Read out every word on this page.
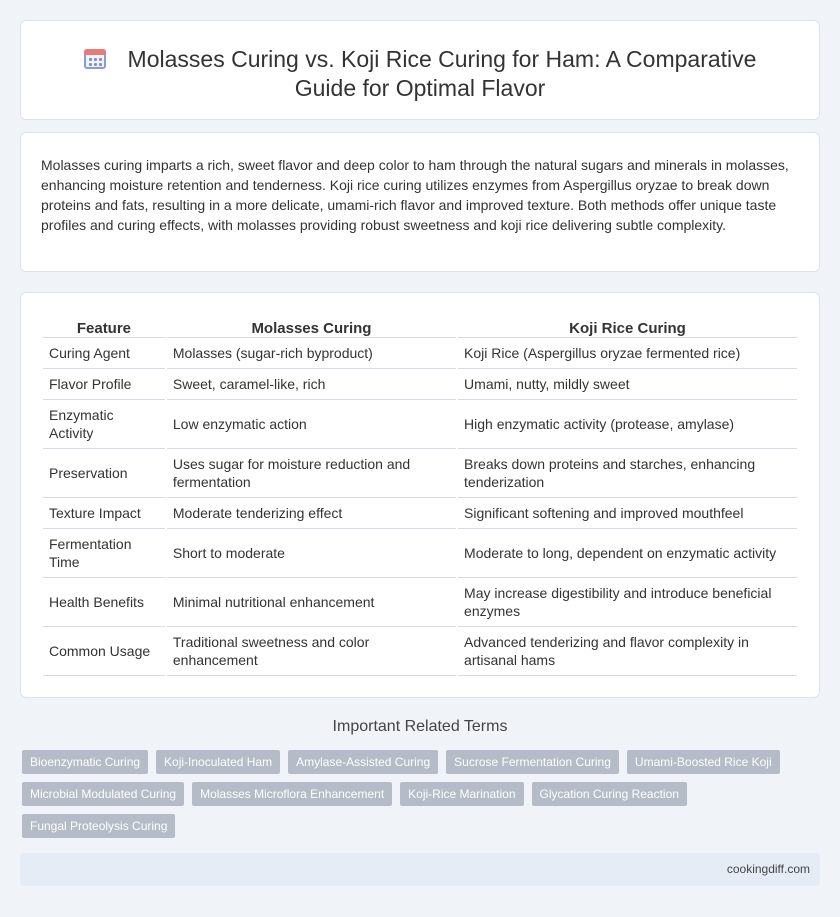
Molasses Curing vs. Koji Rice Curing for Ham: A Comparative
Guide for Optimal Flavor

Molasses curing imparts a rich, sweet flavor and deep color to ham through the natural sugars and minerals in molasses, enhancing moisture retention and tenderness. Koji rice curing utilizes enzymes from Aspergillus oryzae to break down proteins and fats, resulting in a more delicate, umami-rich flavor and improved texture. Both methods offer unique taste profiles and curing effects, with molasses providing robust sweetness and koji rice delivering subtle complexity.

Feature	Molasses Curing	Koji Rice Curing
Curing Agent	Molasses (sugar-rich byproduct)	Koji Rice (Aspergillus oryzae fermented rice)
Flavor Profile	Sweet, caramel-like, rich	Umami, nutty, mildly sweet
Enzymatic Activity	Low enzymatic action	High enzymatic activity (protease, amylase)
Preservation	Uses sugar for moisture reduction and fermentation	Breaks down proteins and starches, enhancing tenderization
Texture Impact	Moderate tenderizing effect	Significant softening and improved mouthfeel
Fermentation Time	Short to moderate	Moderate to long, dependent on enzymatic activity
Health Benefits	Minimal nutritional enhancement	May increase digestibility and introduce beneficial enzymes
Common Usage	Traditional sweetness and color enhancement	Advanced tenderizing and flavor complexity in artisanal hams
Important Related Terms
Bioenzymatic Curing	Koji-Inoculated Ham	Amylase-Assisted Curing	Sucrose Fermentation Curing	Umami-Boosted Rice Koji
Microbial Modulated Curing	Molasses Microflora Enhancement	Koji-Rice Marination	Glycation Curing Reaction
Fungal Proteolysis Curing
cookingdiff.com
